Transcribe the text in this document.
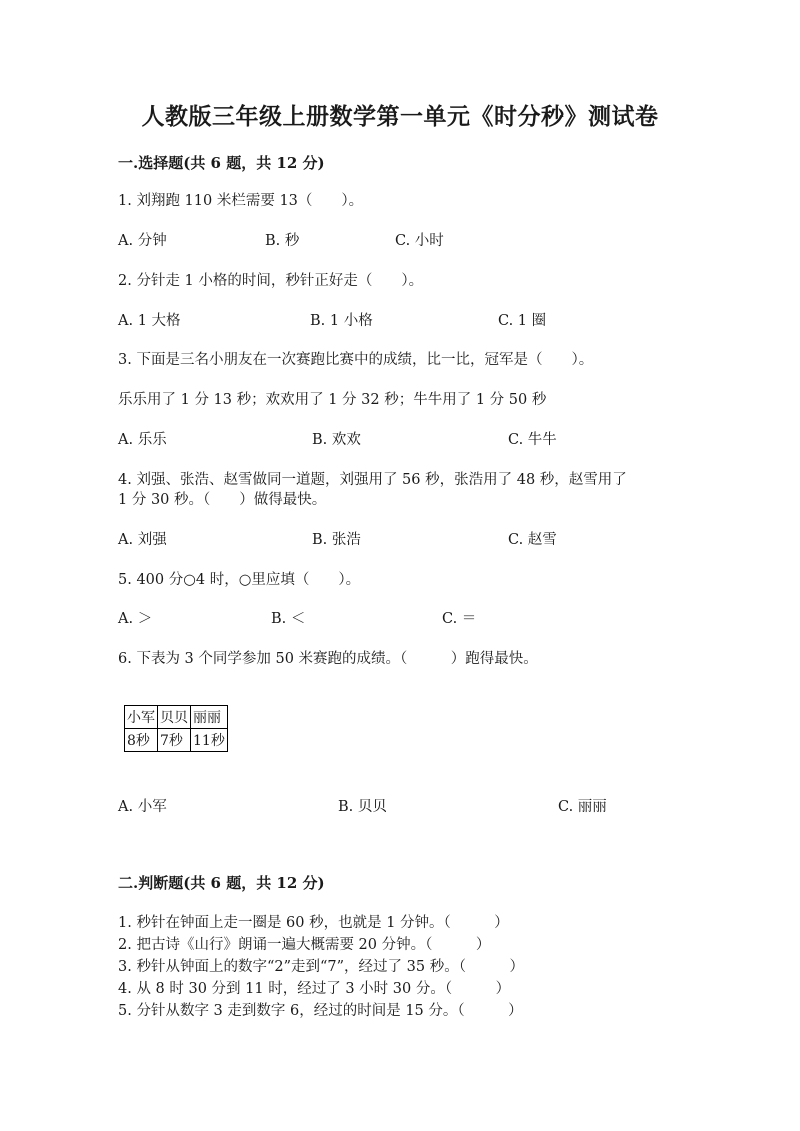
人教版三年级上册数学第一单元《时分秒》测试卷
一.选择题(共 6 题，共 12 分)
1. 刘翔跑 110 米栏需要 13（　　）。
A. 分钟	B. 秒	C. 小时
2. 分针走 1 小格的时间，秒针正好走（　　）。
A. 1 大格	B. 1 小格	C. 1 圈
3. 下面是三名小朋友在一次赛跑比赛中的成绩，比一比，冠军是（　　）。
乐乐用了 1 分 13 秒；欢欢用了 1 分 32 秒；牛牛用了 1 分 50 秒
A. 乐乐	B. 欢欢	C. 牛牛
4. 刘强、张浩、赵雪做同一道题，刘强用了 56 秒，张浩用了 48 秒，赵雪用了
1 分 30 秒。（　　）做得最快。
A. 刘强	B. 张浩	C. 赵雪
5. 400 分○4 时，○里应填（　　）。
A. ＞	B. ＜	C. ＝
6. 下表为 3 个同学参加 50 米赛跑的成绩。（　　　）跑得最快。
小军	贝贝	丽丽
8秒	7秒	11秒
A. 小军	B. 贝贝	C. 丽丽
二.判断题(共 6 题，共 12 分)
1. 秒针在钟面上走一圈是 60 秒，也就是 1 分钟。（　　　）
2. 把古诗《山行》朗诵一遍大概需要 20 分钟。（　　　）
3. 秒针从钟面上的数字“2”走到“7”，经过了 35 秒。（　　　）
4. 从 8 时 30 分到 11 时，经过了 3 小时 30 分。（　　　）
5. 分针从数字 3 走到数字 6，经过的时间是 15 分。（　　　）
